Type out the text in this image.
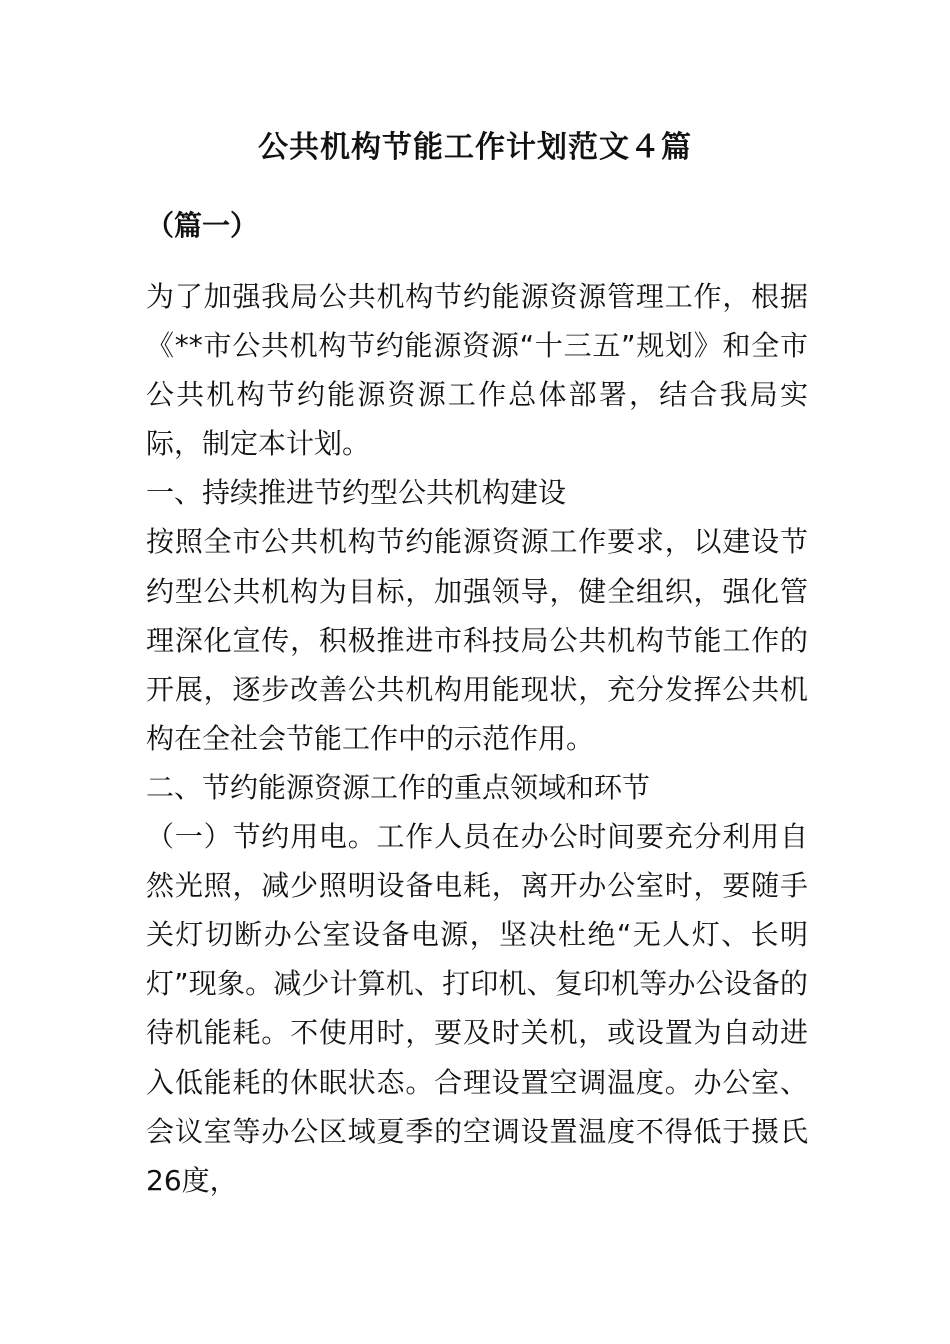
公共机构节能工作计划范文４篇
（篇一）

为了加强我局公共机构节约能源资源管理工作，根据《**市公共机构节约能源资源“十三五”规划》和全市公共机构节约能源资源工作总体部署，结合我局实际，制定本计划。

一、持续推进节约型公共机构建设

按照全市公共机构节约能源资源工作要求，以建设节约型公共机构为目标，加强领导，健全组织，强化管理深化宣传，积极推进市科技局公共机构节能工作的开展，逐步改善公共机构用能现状，充分发挥公共机构在全社会节能工作中的示范作用。

二、节约能源资源工作的重点领域和环节

（一）节约用电。工作人员在办公时间要充分利用自然光照，减少照明设备电耗，离开办公室时，要随手关灯切断办公室设备电源，坚决杜绝“无人灯、长明灯”现象。减少计算机、打印机、复印机等办公设备的待机能耗。不使用时，要及时关机，或设置为自动进入低能耗的休眠状态。合理设置空调温度。办公室、会议室等办公区域夏季的空调设置温度不得低于摄氏26度，
